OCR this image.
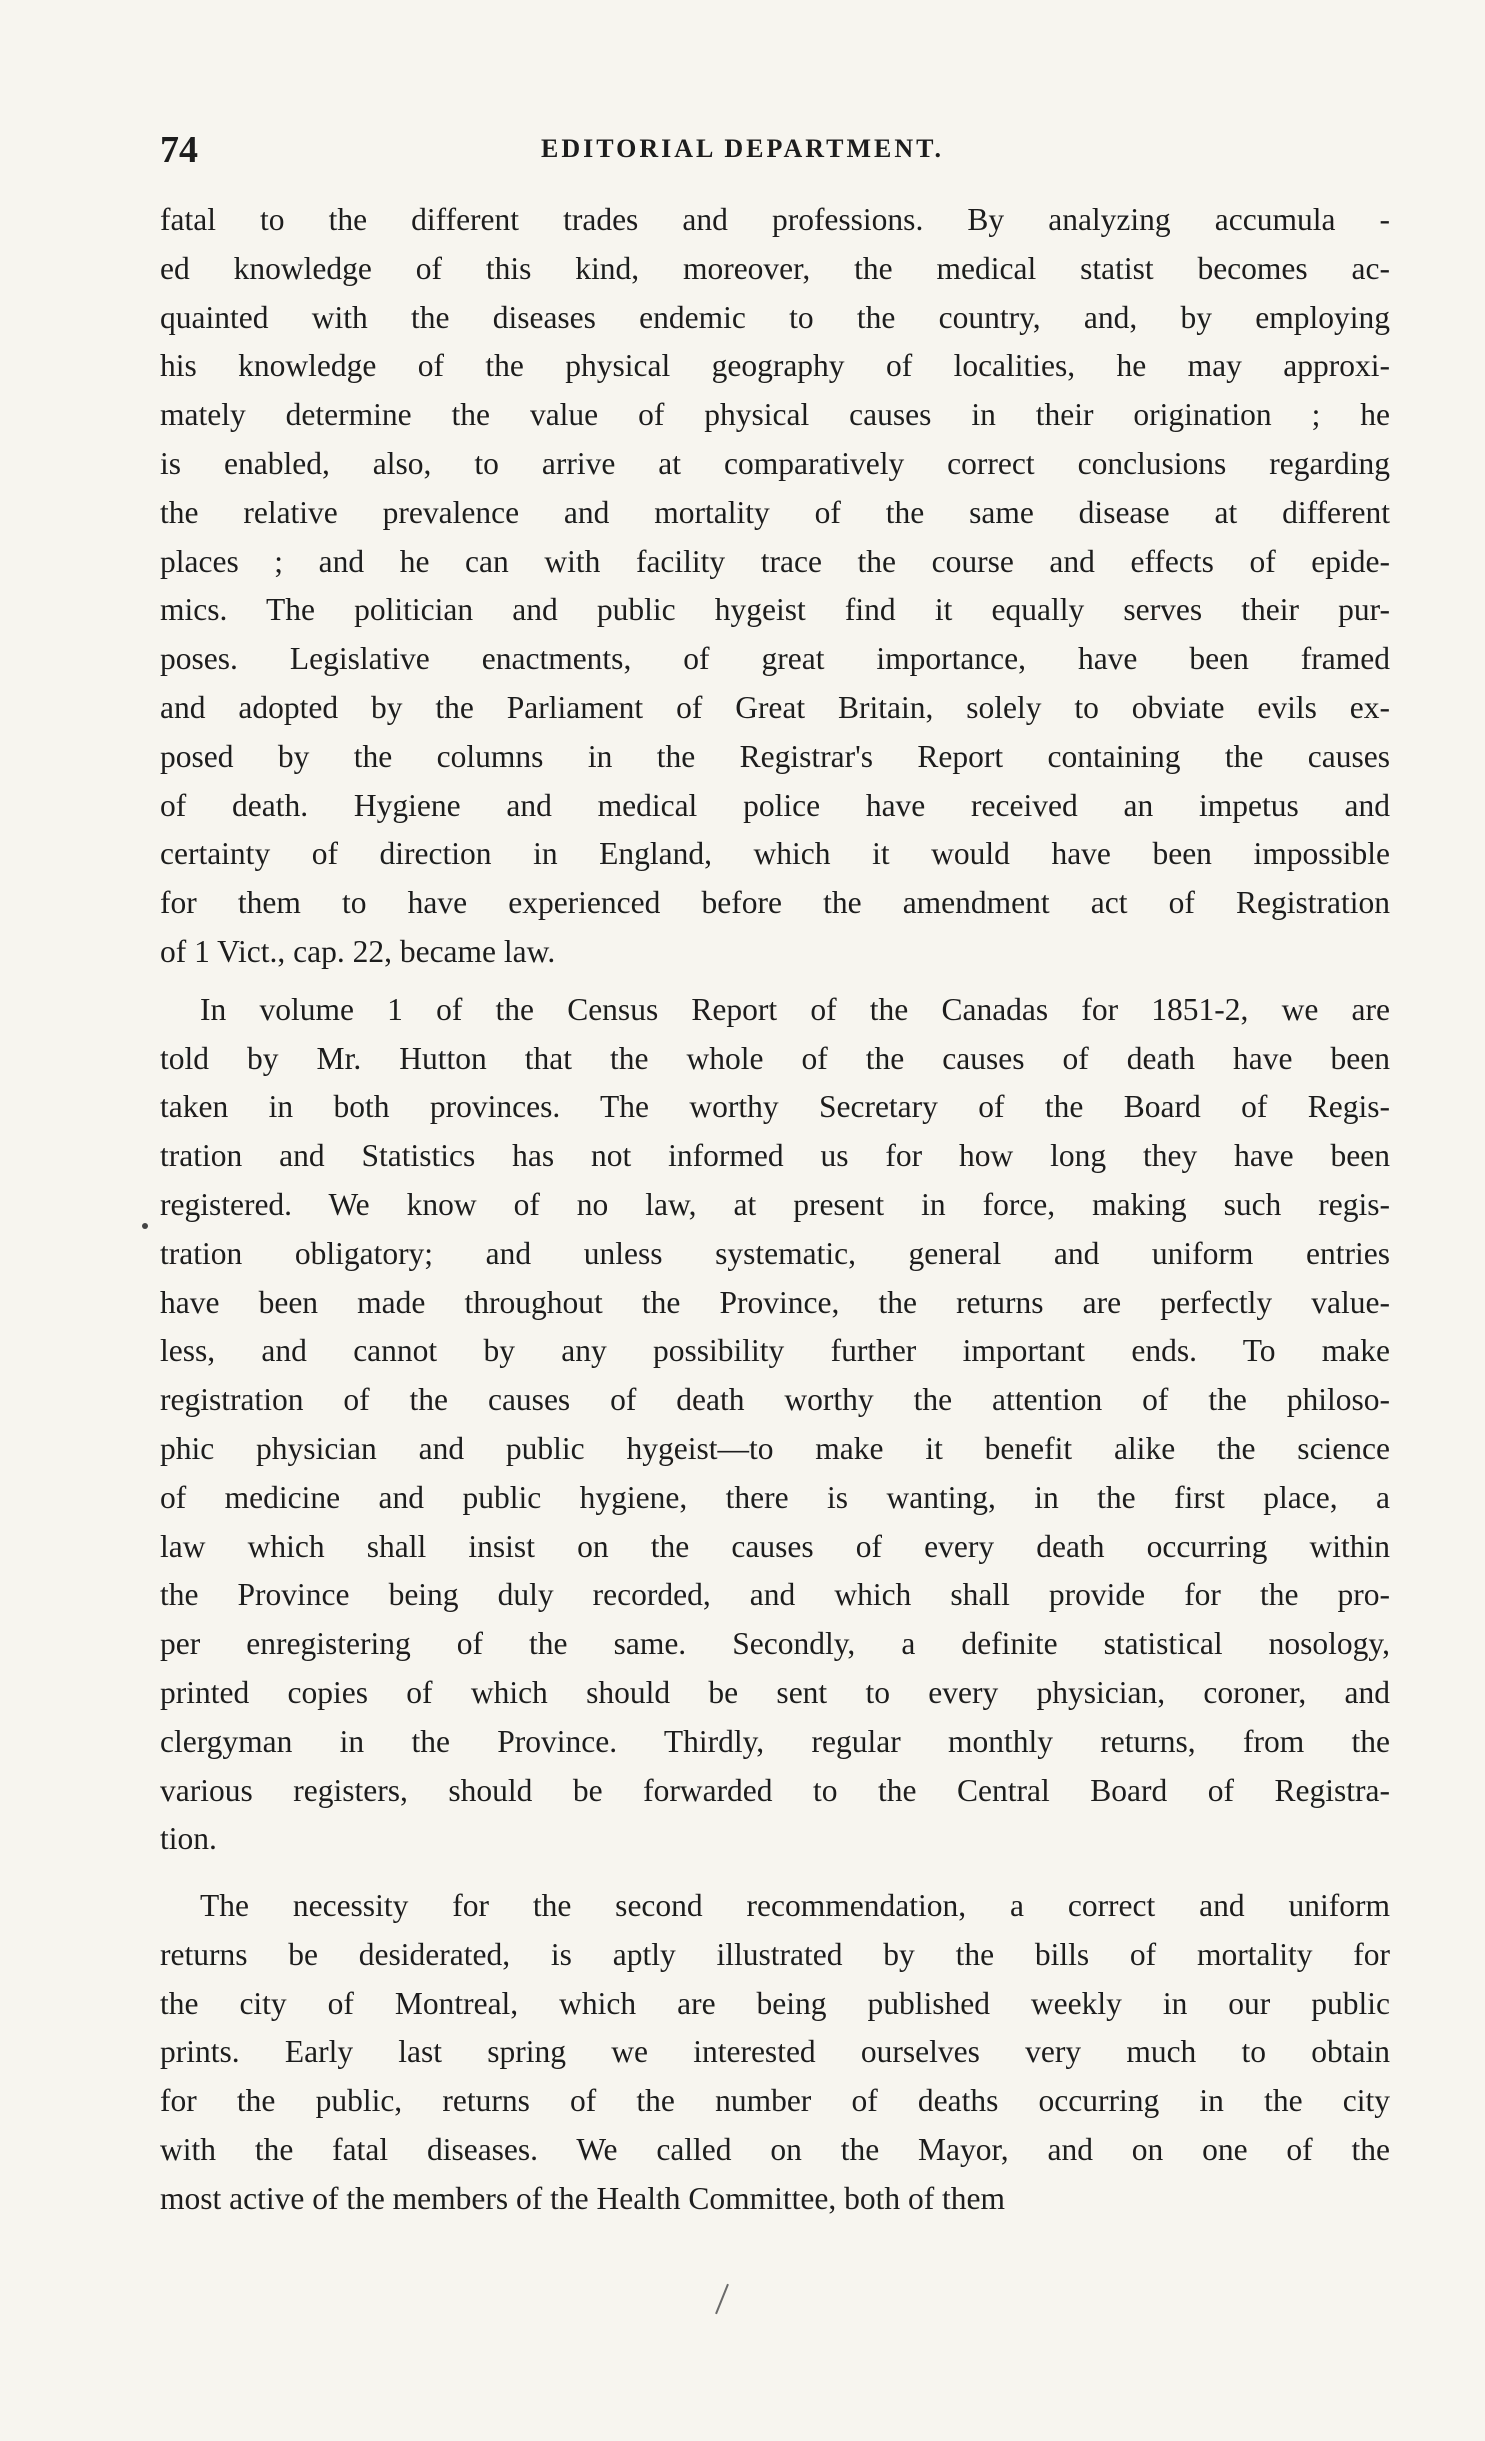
74	EDITORIAL DEPARTMENT.

fatal to the different trades and professions. By analyzing accumula -
ed knowledge of this kind, moreover, the medical statist becomes ac-
quainted with the diseases endemic to the country, and, by employing
his knowledge of the physical geography of localities, he may approxi-
mately determine the value of physical causes in their origination ; he
is enabled, also, to arrive at comparatively correct conclusions regarding
the relative prevalence and mortality of the same disease at different
places ; and he can with facility trace the course and effects of epide-
mics. The politician and public hygeist find it equally serves their pur-
poses. Legislative enactments, of great importance, have been framed
and adopted by the Parliament of Great Britain, solely to obviate evils ex-
posed by the columns in the Registrar's Report containing the causes
of death. Hygiene and medical police have received an impetus and
certainty of direction in England, which it would have been impossible
for them to have experienced before the amendment act of Registration
of 1 Vict., cap. 22, became law.

In volume 1 of the Census Report of the Canadas for 1851-2, we are
told by Mr. Hutton that the whole of the causes of death have been
taken in both provinces. The worthy Secretary of the Board of Regis-
tration and Statistics has not informed us for how long they have been
registered. We know of no law, at present in force, making such regis-
tration obligatory; and unless systematic, general and uniform entries
have been made throughout the Province, the returns are perfectly value-
less, and cannot by any possibility further important ends. To make
registration of the causes of death worthy the attention of the philoso-
phic physician and public hygeist—to make it benefit alike the science
of medicine and public hygiene, there is wanting, in the first place, a
law which shall insist on the causes of every death occurring within
the Province being duly recorded, and which shall provide for the pro-
per enregistering of the same. Secondly, a definite statistical nosology,
printed copies of which should be sent to every physician, coroner, and
clergyman in the Province. Thirdly, regular monthly returns, from the
various registers, should be forwarded to the Central Board of Registra-
tion.

The necessity for the second recommendation, a correct and uniform
returns be desiderated, is aptly illustrated by the bills of mortality for
the city of Montreal, which are being published weekly in our public
prints. Early last spring we interested ourselves very much to obtain
for the public, returns of the number of deaths occurring in the city
with the fatal diseases. We called on the Mayor, and on one of the
most active of the members of the Health Committee, both of them
